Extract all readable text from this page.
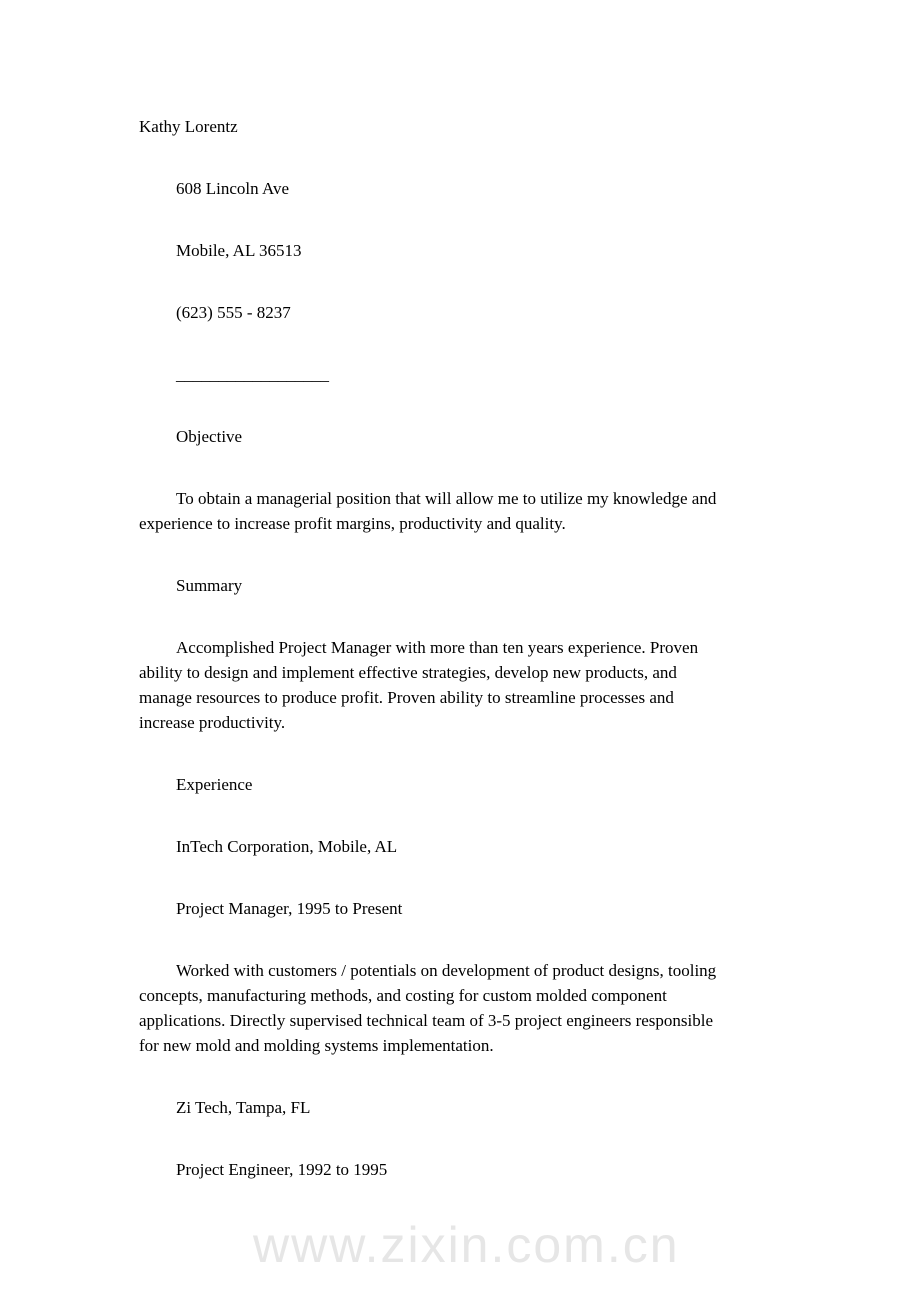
www.zixin.com.cn

Kathy Lorentz

608 Lincoln Ave

Mobile, AL 36513

(623) 555 - 8237

__________________

Objective

To obtain a managerial position that will allow me to utilize my knowledge and
experience to increase profit margins, productivity and quality.

Summary

Accomplished Project Manager with more than ten years experience. Proven
ability to design and implement effective strategies, develop new products, and
manage resources to produce profit. Proven ability to streamline processes and
increase productivity.

Experience

InTech Corporation, Mobile, AL

Project Manager, 1995 to Present

Worked with customers / potentials on development of product designs, tooling
concepts, manufacturing methods, and costing for custom molded component
applications. Directly supervised technical team of 3-5 project engineers responsible
for new mold and molding systems implementation.

Zi Tech, Tampa, FL

Project Engineer, 1992 to 1995
